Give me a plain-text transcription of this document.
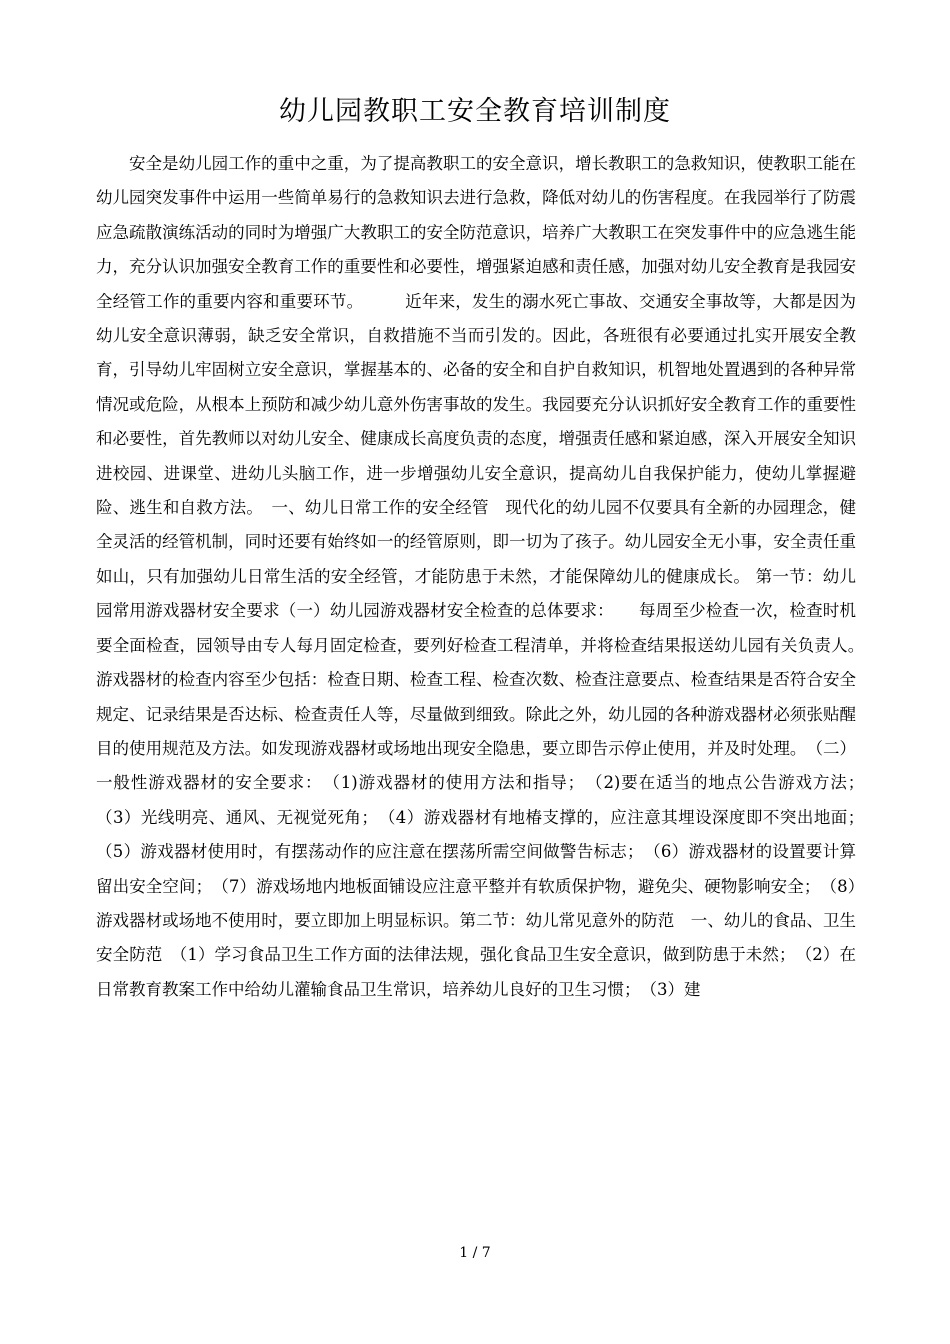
幼儿园教职工安全教育培训制度

安全是幼儿园工作的重中之重，为了提高教职工的安全意识，增长教职工的急救知识，使教职工能在幼儿园突发事件中运用一些简单易行的急救知识去进行急救，降低对幼儿的伤害程度。在我园举行了防震应急疏散演练活动的同时为增强广大教职工的安全防范意识，培养广大教职工在突发事件中的应急逃生能力，充分认识加强安全教育工作的重要性和必要性，增强紧迫感和责任感，加强对幼儿安全教育是我园安全经管工作的重要内容和重要环节。　　　近年来，发生的溺水死亡事故、交通安全事故等，大都是因为幼儿安全意识薄弱，缺乏安全常识，自救措施不当而引发的。因此，各班很有必要通过扎实开展安全教育，引导幼儿牢固树立安全意识，掌握基本的、必备的安全和自护自救知识，机智地处置遇到的各种异常情况或危险，从根本上预防和减少幼儿意外伤害事故的发生。我园要充分认识抓好安全教育工作的重要性和必要性，首先教师以对幼儿安全、健康成长高度负责的态度，增强责任感和紧迫感，深入开展安全知识进校园、进课堂、进幼儿头脑工作，进一步增强幼儿安全意识，提高幼儿自我保护能力，使幼儿掌握避险、逃生和自救方法。　一、幼儿日常工作的安全经管　现代化的幼儿园不仅要具有全新的办园理念，健全灵活的经管机制，同时还要有始终如一的经管原则，即一切为了孩子。幼儿园安全无小事，安全责任重如山，只有加强幼儿日常生活的安全经管，才能防患于未然，才能保障幼儿的健康成长。 第一节：幼儿园常用游戏器材安全要求（一）幼儿园游戏器材安全检查的总体要求：　　每周至少检查一次，检查时机要全面检查，园领导由专人每月固定检查，要列好检查工程清单，并将检查结果报送幼儿园有关负责人。　　游戏器材的检查内容至少包括：检查日期、检查工程、检查次数、检查注意要点、检查结果是否符合安全规定、记录结果是否达标、检查责任人等，尽量做到细致。除此之外，幼儿园的各种游戏器材必须张贴醒目的使用规范及方法。如发现游戏器材或场地出现安全隐患，要立即告示停止使用，并及时处理。　（二）一般性游戏器材的安全要求：　（1)游戏器材的使用方法和指导；　（2)要在适当的地点公告游戏方法；　（3）光线明亮、通风、无视觉死角；　（4）游戏器材有地椿支撑的，应注意其埋设深度即不突出地面；　（5）游戏器材使用时，有摆荡动作的应注意在摆荡所需空间做警告标志；　（6）游戏器材的设置要计算留出安全空间；　（7）游戏场地内地板面铺设应注意平整并有软质保护物，避免尖、硬物影响安全；　（8）游戏器材或场地不使用时，要立即加上明显标识。第二节：幼儿常见意外的防范　一、幼儿的食品、卫生安全防范　（1）学习食品卫生工作方面的法律法规，强化食品卫生安全意识，做到防患于未然；　（2）在日常教育教案工作中给幼儿灌输食品卫生常识，培养幼儿良好的卫生习惯；　（3）建

1 / 7
